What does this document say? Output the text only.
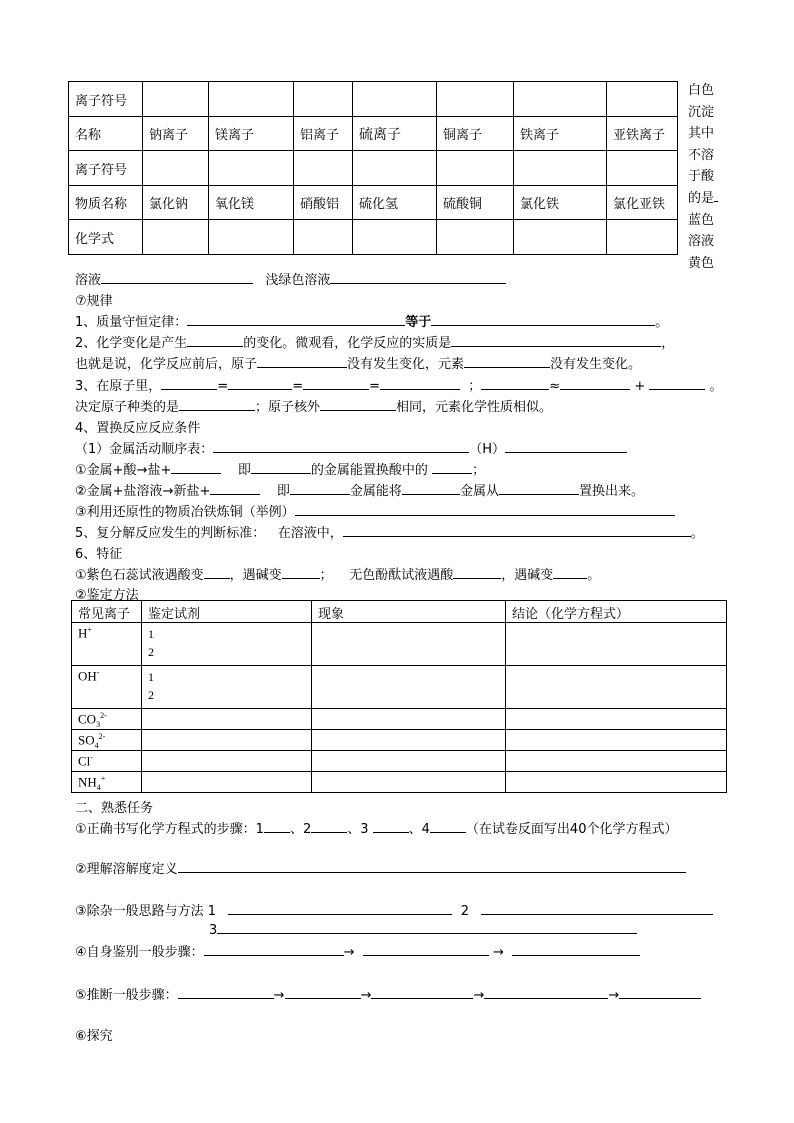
离子符号							
名称	钠离子	镁离子	铝离子	硫离子	铜离子	铁离子	亚铁离子
离子符号							
物质名称	氯化钠	氧化镁	硝酸铝	硫化氢	硫酸铜	氯化铁	氯化亚铁
化学式							
白色
沉淀
其中
不溶
于酸
的是
蓝色
溶液
黄色
溶液	浅绿色溶液
⑦规律
1、质量守恒定律：	等于	。
2、化学变化是产生	的变化。微观看，化学反应的实质是	，
也就是说，化学反应前后，原子	没有发生变化，元素	没有发生变化。
3、在原子里，	=	=	=	；	≈	+	。
决定原子种类的是	；原子核外	相同，元素化学性质相似。
4、置换反应反应条件
（1）金属活动顺序表：	（H）
①金属+酸→盐+	即	的金属能置换酸中的	；
②金属+盐溶液→新盐+	即	金属能将	金属从	置换出来。
③利用还原性的物质冶铁炼铜（举例）
5、复分解反应发生的判断标准： 在溶液中，	。
6、特征
①紫色石蕊试液遇酸变 ，遇碱变	； 无色酚酞试液遇酸	，遇碱变	。
②鉴定方法
常见离子	鉴定试剂	现象	结论（化学方程式）
H+	1
2		

OH-	1
2		

$CO_3^{2-}$			
$SO_4^{2-}$			
Cl-			
$NH_4^+$			
二、熟悉任务
①正确书写化学方程式的步骤：1 、2	、3	、4	（在试卷反面写出40个化学方程式）
②理解溶解度定义
③除杂一般思路与方法 1	2
3
④自身鉴别一般步骤：	→	→
⑤推断一般步骤：	→	→	→	→
⑥探究
